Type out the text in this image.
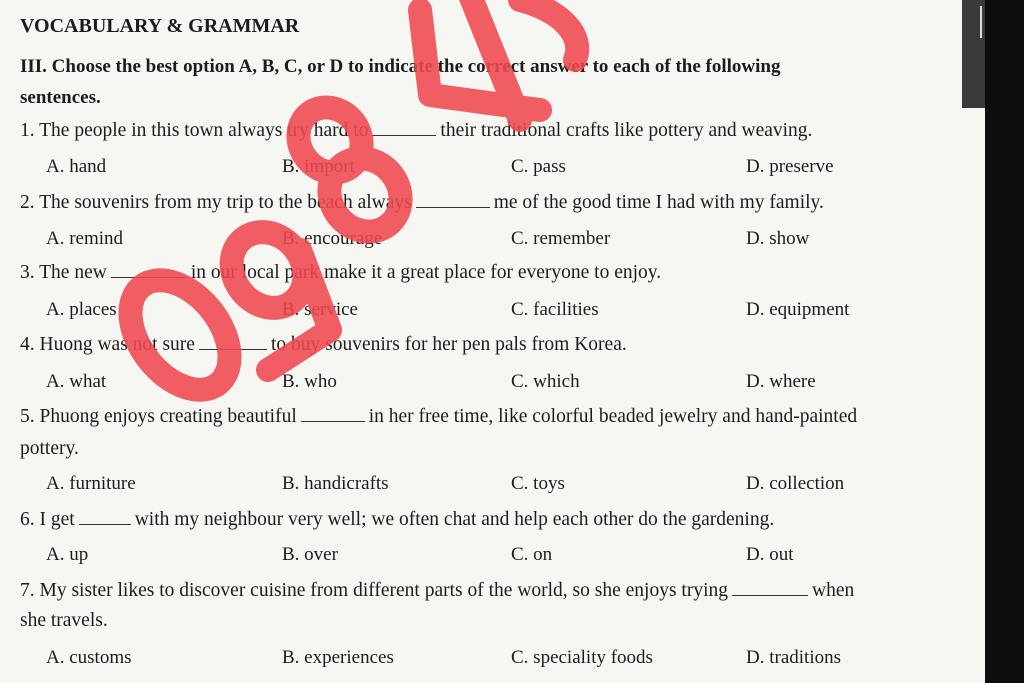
VOCABULARY & GRAMMAR
III. Choose the best option A, B, C, or D to indicate the correct answer to each of the following
sentences.
1. The people in this town always try hard to	their traditional crafts like pottery and weaving.
A. hand	B. import	C. pass	D. preserve
2. The souvenirs from my trip to the beach always	me of the good time I had with my family.
A. remind	B. encourage	C. remember	D. show
3. The new	in our local park make it a great place for everyone to enjoy.
A. places	B. service	C. facilities	D. equipment
4. Huong was not sure	to buy souvenirs for her pen pals from Korea.
A. what	B. who	C. which	D. where
5. Phuong enjoys creating beautiful	in her free time, like colorful beaded jewelry and hand-painted
pottery.
A. furniture	B. handicrafts	C. toys	D. collection
6. I get	with my neighbour very well; we often chat and help each other do the gardening.
A. up	B. over	C. on	D. out
7. My sister likes to discover cuisine from different parts of the world, so she enjoys trying	when
she travels.
A. customs	B. experiences	C. speciality foods	D. traditions
